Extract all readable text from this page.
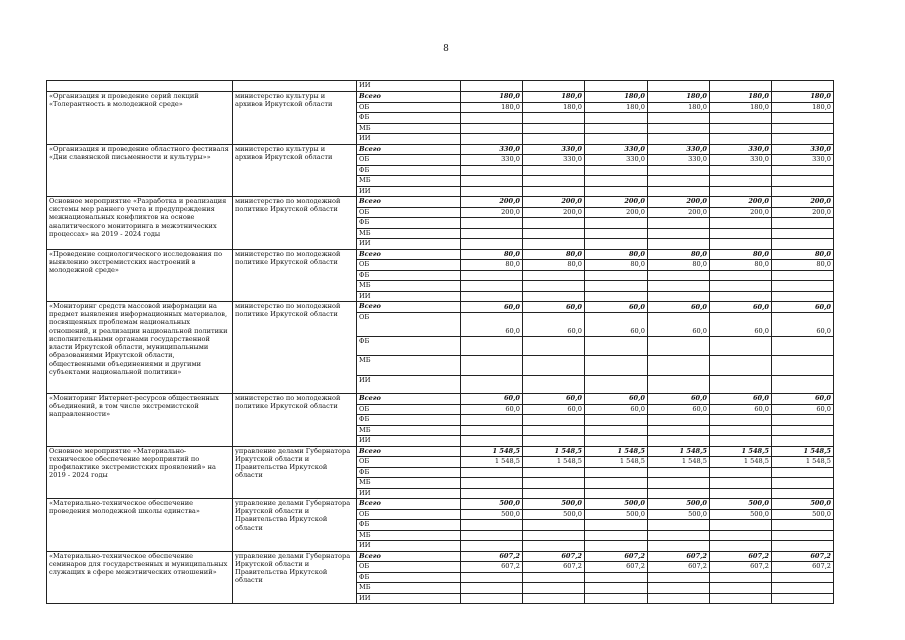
8
		ИИ						
«Организация и проведение серий лекций «Толерантность в молодежной среде»	министерство культуры и архивов Иркутской области	Всего	180,0	180,0	180,0	180,0	180,0	180,0
		ОБ	180,0	180,0	180,0	180,0	180,0	180,0
		ФБ						
		МБ						
		ИИ						
«Организация и проведение областного фестиваля «Дни славянской письменности и культуры»»	министерство культуры и архивов Иркутской области	Всего	330,0	330,0	330,0	330,0	330,0	330,0
		ОБ	330,0	330,0	330,0	330,0	330,0	330,0
		ФБ						
		МБ						
		ИИ						
Основное мероприятие «Разработка и реализация системы мер раннего учета и предупреждения межнациональных конфликтов на основе аналитического мониторинга в межэтнических процессах» на 2019 - 2024 годы	министерство по молодежной политике Иркутской области	Всего	200,0	200,0	200,0	200,0	200,0	200,0
		ОБ	200,0	200,0	200,0	200,0	200,0	200,0
		ФБ						
		МБ						
		ИИ						
«Проведение социологического исследования по выявлению экстремистских настроений в молодежной среде»	министерство по молодежной политике Иркутской области	Всего	80,0	80,0	80,0	80,0	80,0	80,0
		ОБ	80,0	80,0	80,0	80,0	80,0	80,0
		ФБ						
		МБ						
		ИИ						
«Мониторинг средств массовой информации на предмет выявления информационных материалов, посвященных проблемам национальных отношений, и реализации национальной политики исполнительными органами государственной власти Иркутской области, муниципальными образованиями Иркутской области, общественными объединениями и другими субъектами национальной политики»	министерство по молодежной политике Иркутской области	Всего	60,0	60,0	60,0	60,0	60,0	60,0
		ОБ	60,0	60,0	60,0	60,0	60,0	60,0
		ФБ						
		МБ						
		ИИ						
«Мониторинг Интернет-ресурсов общественных объединений, в том числе экстремистской направленности»	министерство по молодежной политике Иркутской области	Всего	60,0	60,0	60,0	60,0	60,0	60,0
		ОБ	60,0	60,0	60,0	60,0	60,0	60,0
		ФБ						
		МБ						
		ИИ						
Основное мероприятие «Материально-техническое обеспечение мероприятий по профилактике экстремистских проявлений» на 2019 - 2024 годы	управление делами Губернатора Иркутской области и Правительства Иркутской области	Всего	1 548,5	1 548,5	1 548,5	1 548,5	1 548,5	1 548,5
		ОБ	1 548,5	1 548,5	1 548,5	1 548,5	1 548,5	1 548,5
		ФБ						
		МБ						
		ИИ						
«Материально-техническое обеспечение проведения молодежной школы единства»	управление делами Губернатора Иркутской области и Правительства Иркутской области	Всего	500,0	500,0	500,0	500,0	500,0	500,0
		ОБ	500,0	500,0	500,0	500,0	500,0	500,0
		ФБ						
		МБ						
		ИИ						
«Материально-техническое обеспечение семинаров для государственных и муниципальных служащих в сфере межэтнических отношений»	управление делами Губернатора Иркутской области и Правительства Иркутской области	Всего	607,2	607,2	607,2	607,2	607,2	607,2
		ОБ	607,2	607,2	607,2	607,2	607,2	607,2
		ФБ						
		МБ						
		ИИ						
